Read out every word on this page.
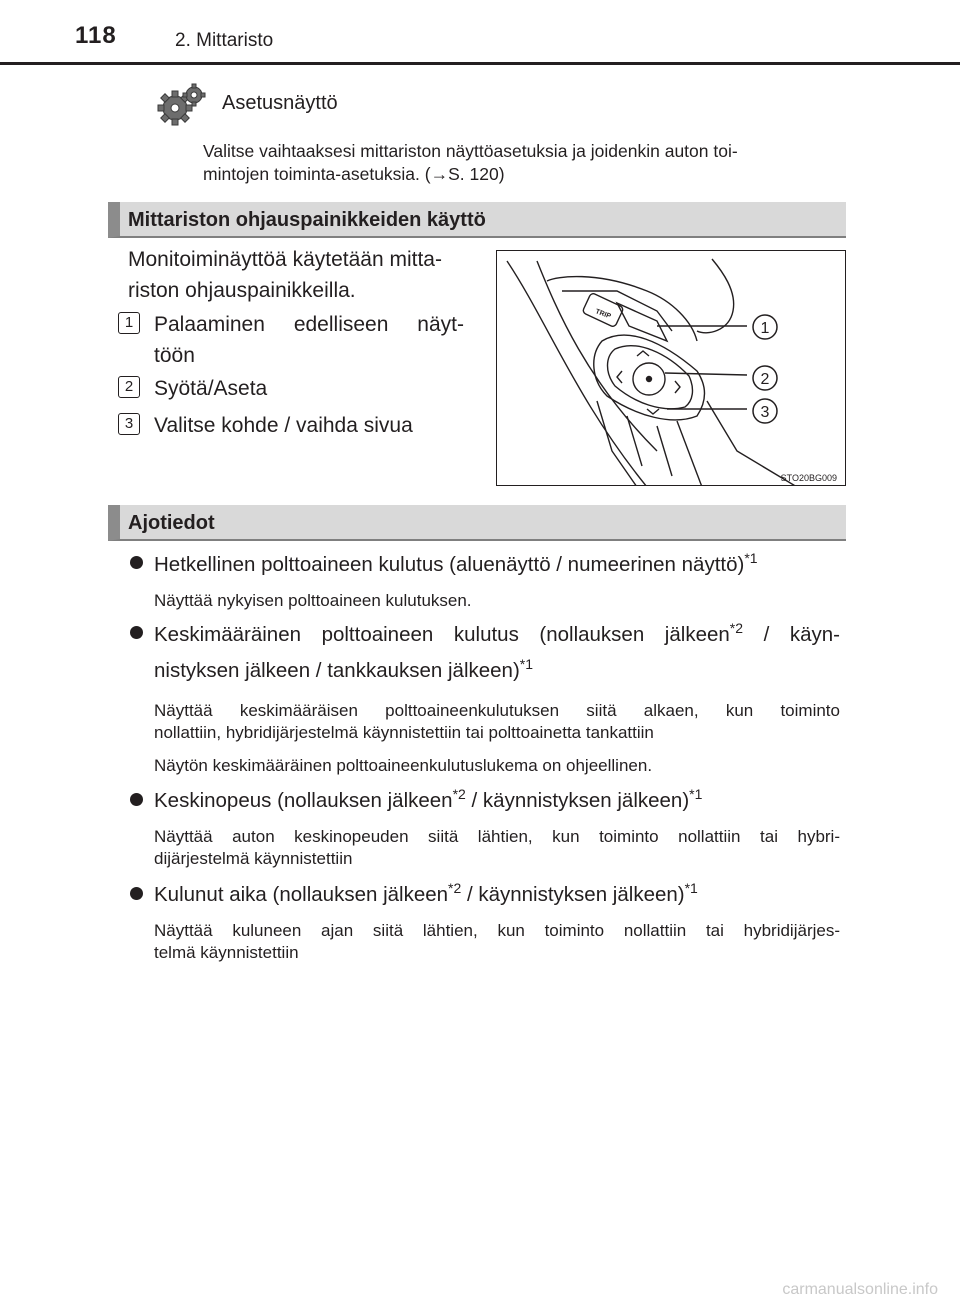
118	2. Mittaristo
Asetusnäyttö
Valitse vaihtaaksesi mittariston näyttöasetuksia ja joidenkin auton toi-
mintojen toiminta-asetuksia. (→S. 120)
Mittariston ohjauspainikkeiden käyttö
Monitoiminäyttöä käytetään mitta-
riston ohjauspainikkeilla.
1 Palaaminen edelliseen näyt-
töön
2 Syötä/Aseta
3 Valitse kohde / vaihda sivua
TRIP
1
2
3
STO20BG009
Ajotiedot
Hetkellinen polttoaineen kulutus (aluenäyttö / numeerinen näyttö)$^{*1}$
Näyttää nykyisen polttoaineen kulutuksen.
Keskimääräinen polttoaineen kulutus (nollauksen jälkeen$^{*2}$ / käyn-
nistyksen jälkeen / tankkauksen jälkeen)$^{*1}$
Näyttää keskimääräisen polttoaineenkulutuksen siitä alkaen, kun toiminto
nollattiin, hybridijärjestelmä käynnistettiin tai polttoainetta tankattiin
Näytön keskimääräinen polttoaineenkulutuslukema on ohjeellinen.
Keskinopeus (nollauksen jälkeen$^{*2}$ / käynnistyksen jälkeen)$^{*1}$
Näyttää auton keskinopeuden siitä lähtien, kun toiminto nollattiin tai hybri-
dijärjestelmä käynnistettiin
Kulunut aika (nollauksen jälkeen$^{*2}$ / käynnistyksen jälkeen)$^{*1}$
Näyttää kuluneen ajan siitä lähtien, kun toiminto nollattiin tai hybridijärjes-
telmä käynnistettiin
carmanualsonline.info
